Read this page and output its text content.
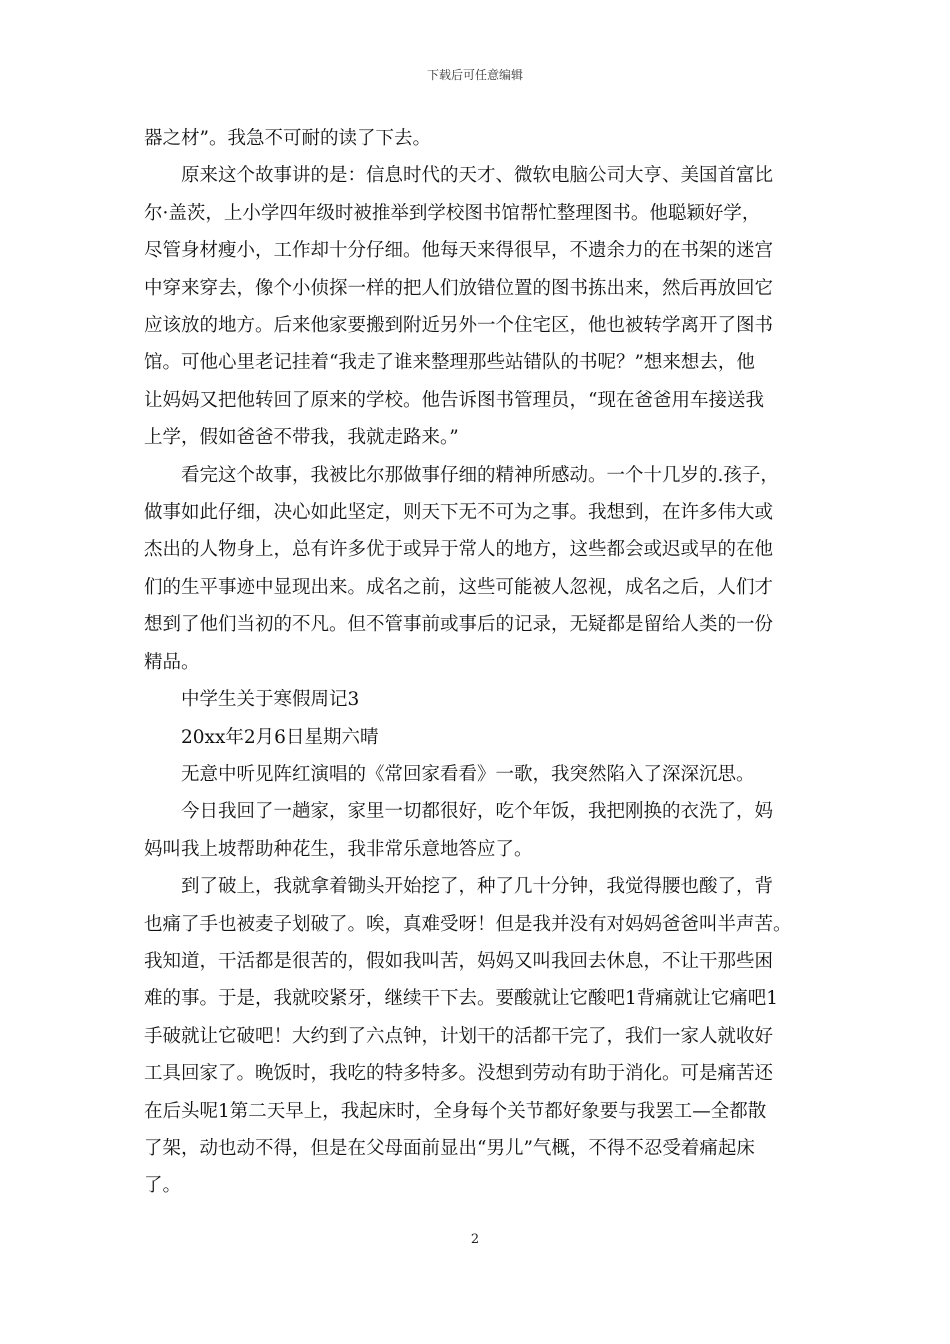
下载后可任意编辑

器之材”。我急不可耐的读了下去。

原来这个故事讲的是：信息时代的天才、微软电脑公司大亨、美国首富比
尔·盖茨，上小学四年级时被推举到学校图书馆帮忙整理图书。他聪颖好学，
尽管身材瘦小，工作却十分仔细。他每天来得很早，不遗余力的在书架的迷宫
中穿来穿去，像个小侦探一样的把人们放错位置的图书拣出来，然后再放回它
应该放的地方。后来他家要搬到附近另外一个住宅区，他也被转学离开了图书
馆。可他心里老记挂着“我走了谁来整理那些站错队的书呢？”想来想去，他
让妈妈又把他转回了原来的学校。他告诉图书管理员，“现在爸爸用车接送我
上学，假如爸爸不带我，我就走路来。”

看完这个故事，我被比尔那做事仔细的精神所感动。一个十几岁的.孩子，
做事如此仔细，决心如此坚定，则天下无不可为之事。我想到，在许多伟大或
杰出的人物身上，总有许多优于或异于常人的地方，这些都会或迟或早的在他
们的生平事迹中显现出来。成名之前，这些可能被人忽视，成名之后，人们才
想到了他们当初的不凡。但不管事前或事后的记录，无疑都是留给人类的一份
精品。

中学生关于寒假周记3

20xx年2月6日星期六晴

无意中听见阵红演唱的《常回家看看》一歌，我突然陷入了深深沉思。

今日我回了一趟家，家里一切都很好，吃个年饭，我把刚换的衣洗了，妈
妈叫我上坡帮助种花生，我非常乐意地答应了。

到了破上，我就拿着锄头开始挖了，种了几十分钟，我觉得腰也酸了，背
也痛了手也被麦子划破了。唉，真难受呀！但是我并没有对妈妈爸爸叫半声苦。
我知道，干活都是很苦的，假如我叫苦，妈妈又叫我回去休息，不让干那些困
难的事。于是，我就咬紧牙，继续干下去。要酸就让它酸吧1背痛就让它痛吧1
手破就让它破吧！大约到了六点钟，计划干的活都干完了，我们一家人就收好
工具回家了。晚饭时，我吃的特多特多。没想到劳动有助于消化。可是痛苦还
在后头呢1第二天早上，我起床时，全身每个关节都好象要与我罢工—全都散
了架，动也动不得，但是在父母面前显出“男儿”气概，不得不忍受着痛起床
了。

2
